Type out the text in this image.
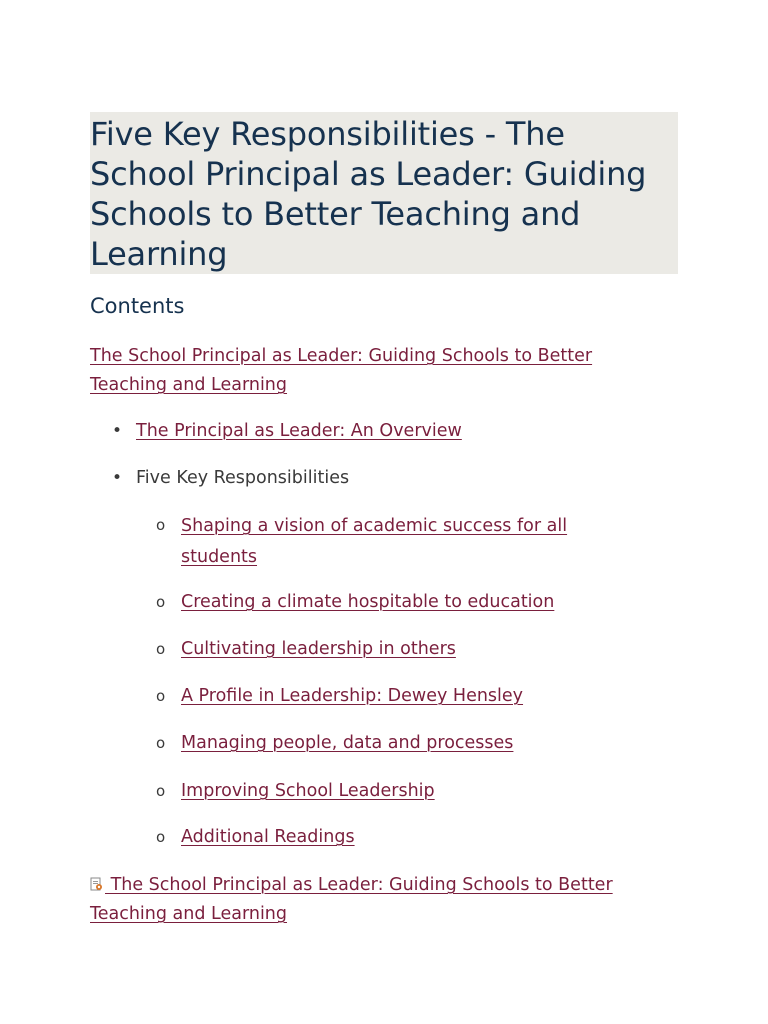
Five Key Responsibilities - The School Principal as Leader: Guiding Schools to Better Teaching and Learning
Contents
The School Principal as Leader: Guiding Schools to Better Teaching and Learning
• The Principal as Leader: An Overview
• Five Key Responsibilities
o Shaping a vision of academic success for all students
o Creating a climate hospitable to education
o Cultivating leadership in others
o A Profile in Leadership: Dewey Hensley
o Managing people, data and processes
o Improving School Leadership
o Additional Readings
The School Principal as Leader: Guiding Schools to Better Teaching and Learning
